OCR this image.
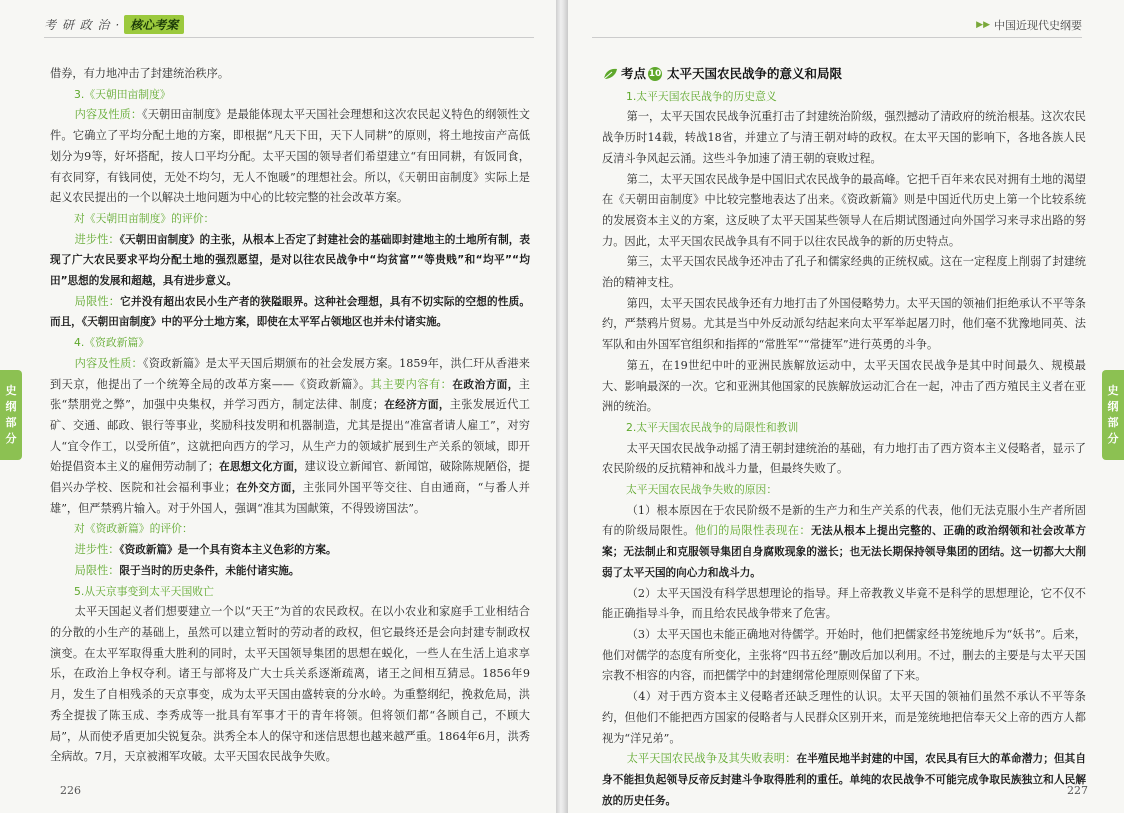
考 研 政 治 · 核心考案

借券，有力地冲击了封建统治秩序。

3.《天朝田亩制度》

内容及性质：《天朝田亩制度》是最能体现太平天国社会理想和这次农民起义特色的纲领性文件。它确立了平均分配土地的方案，即根据“凡天下田，天下人同耕”的原则，将土地按亩产高低划分为9等，好坏搭配，按人口平均分配。太平天国的领导者们希望建立“有田同耕，有饭同食，有衣同穿，有钱同使，无处不均匀，无人不饱暖”的理想社会。所以，《天朝田亩制度》实际上是起义农民提出的一个以解决土地问题为中心的比较完整的社会改革方案。

对《天朝田亩制度》的评价：

进步性：《天朝田亩制度》的主张，从根本上否定了封建社会的基础即封建地主的土地所有制，表现了广大农民要求平均分配土地的强烈愿望，是对以往农民战争中“均贫富”“等贵贱”和“均平”“均田”思想的发展和超越，具有进步意义。

局限性：它并没有超出农民小生产者的狭隘眼界。这种社会理想，具有不切实际的空想的性质。而且，《天朝田亩制度》中的平分土地方案，即使在太平军占领地区也并未付诸实施。

4.《资政新篇》

内容及性质：《资政新篇》是太平天国后期颁布的社会发展方案。1859年，洪仁玕从香港来到天京，他提出了一个统筹全局的改革方案——《资政新篇》。其主要内容有：在政治方面，主张“禁朋党之弊”，加强中央集权，并学习西方，制定法律、制度；在经济方面，主张发展近代工矿、交通、邮政、银行等事业，奖励科技发明和机器制造，尤其是提出“准富者请人雇工”，对穷人“宜令作工，以受所值”，这就把向西方的学习，从生产力的领域扩展到生产关系的领域，即开始提倡资本主义的雇佣劳动制了；在思想文化方面，建议设立新闻官、新闻馆，破除陈规陋俗，提倡兴办学校、医院和社会福利事业；在外交方面，主张同外国平等交往、自由通商，“与番人并雄”，但严禁鸦片输入。对于外国人，强调“准其为国献策，不得毁谤国法”。

对《资政新篇》的评价：

进步性：《资政新篇》是一个具有资本主义色彩的方案。

局限性：限于当时的历史条件，未能付诸实施。

5.从天京事变到太平天国败亡

太平天国起义者们想要建立一个以“天王”为首的农民政权。在以小农业和家庭手工业相结合的分散的小生产的基础上，虽然可以建立暂时的劳动者的政权，但它最终还是会向封建专制政权演变。在太平军取得重大胜利的同时，太平天国领导集团的思想在蜕化，一些人在生活上追求享乐，在政治上争权夺利。诸王与部将及广大士兵关系逐渐疏离，诸王之间相互猜忌。1856年9月，发生了自相残杀的天京事变，成为太平天国由盛转衰的分水岭。为重整纲纪，挽救危局，洪秀全提拔了陈玉成、李秀成等一批具有军事才干的青年将领。但将领们都“各顾自己，不顾大局”，从而使矛盾更加尖锐复杂。洪秀全本人的保守和迷信思想也越来越严重。1864年6月，洪秀全病故。7月，天京被湘军攻破。太平天国农民战争失败。

史
纲
部
分
226
▶▶ 中国近现代史纲要
考点 10 太平天国农民战争的意义和局限

1.太平天国农民战争的历史意义

第一，太平天国农民战争沉重打击了封建统治阶级，强烈撼动了清政府的统治根基。这次农民战争历时14载，转战18省，并建立了与清王朝对峙的政权。在太平天国的影响下，各地各族人民反清斗争风起云涌。这些斗争加速了清王朝的衰败过程。

第二，太平天国农民战争是中国旧式农民战争的最高峰。它把千百年来农民对拥有土地的渴望在《天朝田亩制度》中比较完整地表达了出来。《资政新篇》则是中国近代历史上第一个比较系统的发展资本主义的方案，这反映了太平天国某些领导人在后期试图通过向外国学习来寻求出路的努力。因此，太平天国农民战争具有不同于以往农民战争的新的历史特点。

第三，太平天国农民战争还冲击了孔子和儒家经典的正统权威。这在一定程度上削弱了封建统治的精神支柱。

第四，太平天国农民战争还有力地打击了外国侵略势力。太平天国的领袖们拒绝承认不平等条约，严禁鸦片贸易。尤其是当中外反动派勾结起来向太平军举起屠刀时，他们毫不犹豫地同英、法军队和由外国军官组织和指挥的“常胜军”“常捷军”进行英勇的斗争。

第五，在19世纪中叶的亚洲民族解放运动中，太平天国农民战争是其中时间最久、规模最大、影响最深的一次。它和亚洲其他国家的民族解放运动汇合在一起，冲击了西方殖民主义者在亚洲的统治。

2.太平天国农民战争的局限性和教训

太平天国农民战争动摇了清王朝封建统治的基础，有力地打击了西方资本主义侵略者，显示了农民阶级的反抗精神和战斗力量，但最终失败了。

太平天国农民战争失败的原因：

（1）根本原因在于农民阶级不是新的生产力和生产关系的代表，他们无法克服小生产者所固有的阶级局限性。他们的局限性表现在：无法从根本上提出完整的、正确的政治纲领和社会改革方案；无法制止和克服领导集团自身腐败现象的滋长；也无法长期保持领导集团的团结。这一切都大大削弱了太平天国的向心力和战斗力。

（2）太平天国没有科学思想理论的指导。拜上帝教教义毕竟不是科学的思想理论，它不仅不能正确指导斗争，而且给农民战争带来了危害。

（3）太平天国也未能正确地对待儒学。开始时，他们把儒家经书笼统地斥为“妖书”。后来，他们对儒学的态度有所变化，主张将“四书五经”删改后加以利用。不过，删去的主要是与太平天国宗教不相容的内容，而把儒学中的封建纲常伦理原则保留了下来。

（4）对于西方资本主义侵略者还缺乏理性的认识。太平天国的领袖们虽然不承认不平等条约，但他们不能把西方国家的侵略者与人民群众区别开来，而是笼统地把信奉天父上帝的西方人都视为“洋兄弟”。

太平天国农民战争及其失败表明：在半殖民地半封建的中国，农民具有巨大的革命潜力；但其自身不能担负起领导反帝反封建斗争取得胜利的重任。单纯的农民战争不可能完成争取民族独立和人民解放的历史任务。

史
纲
部
分
227
